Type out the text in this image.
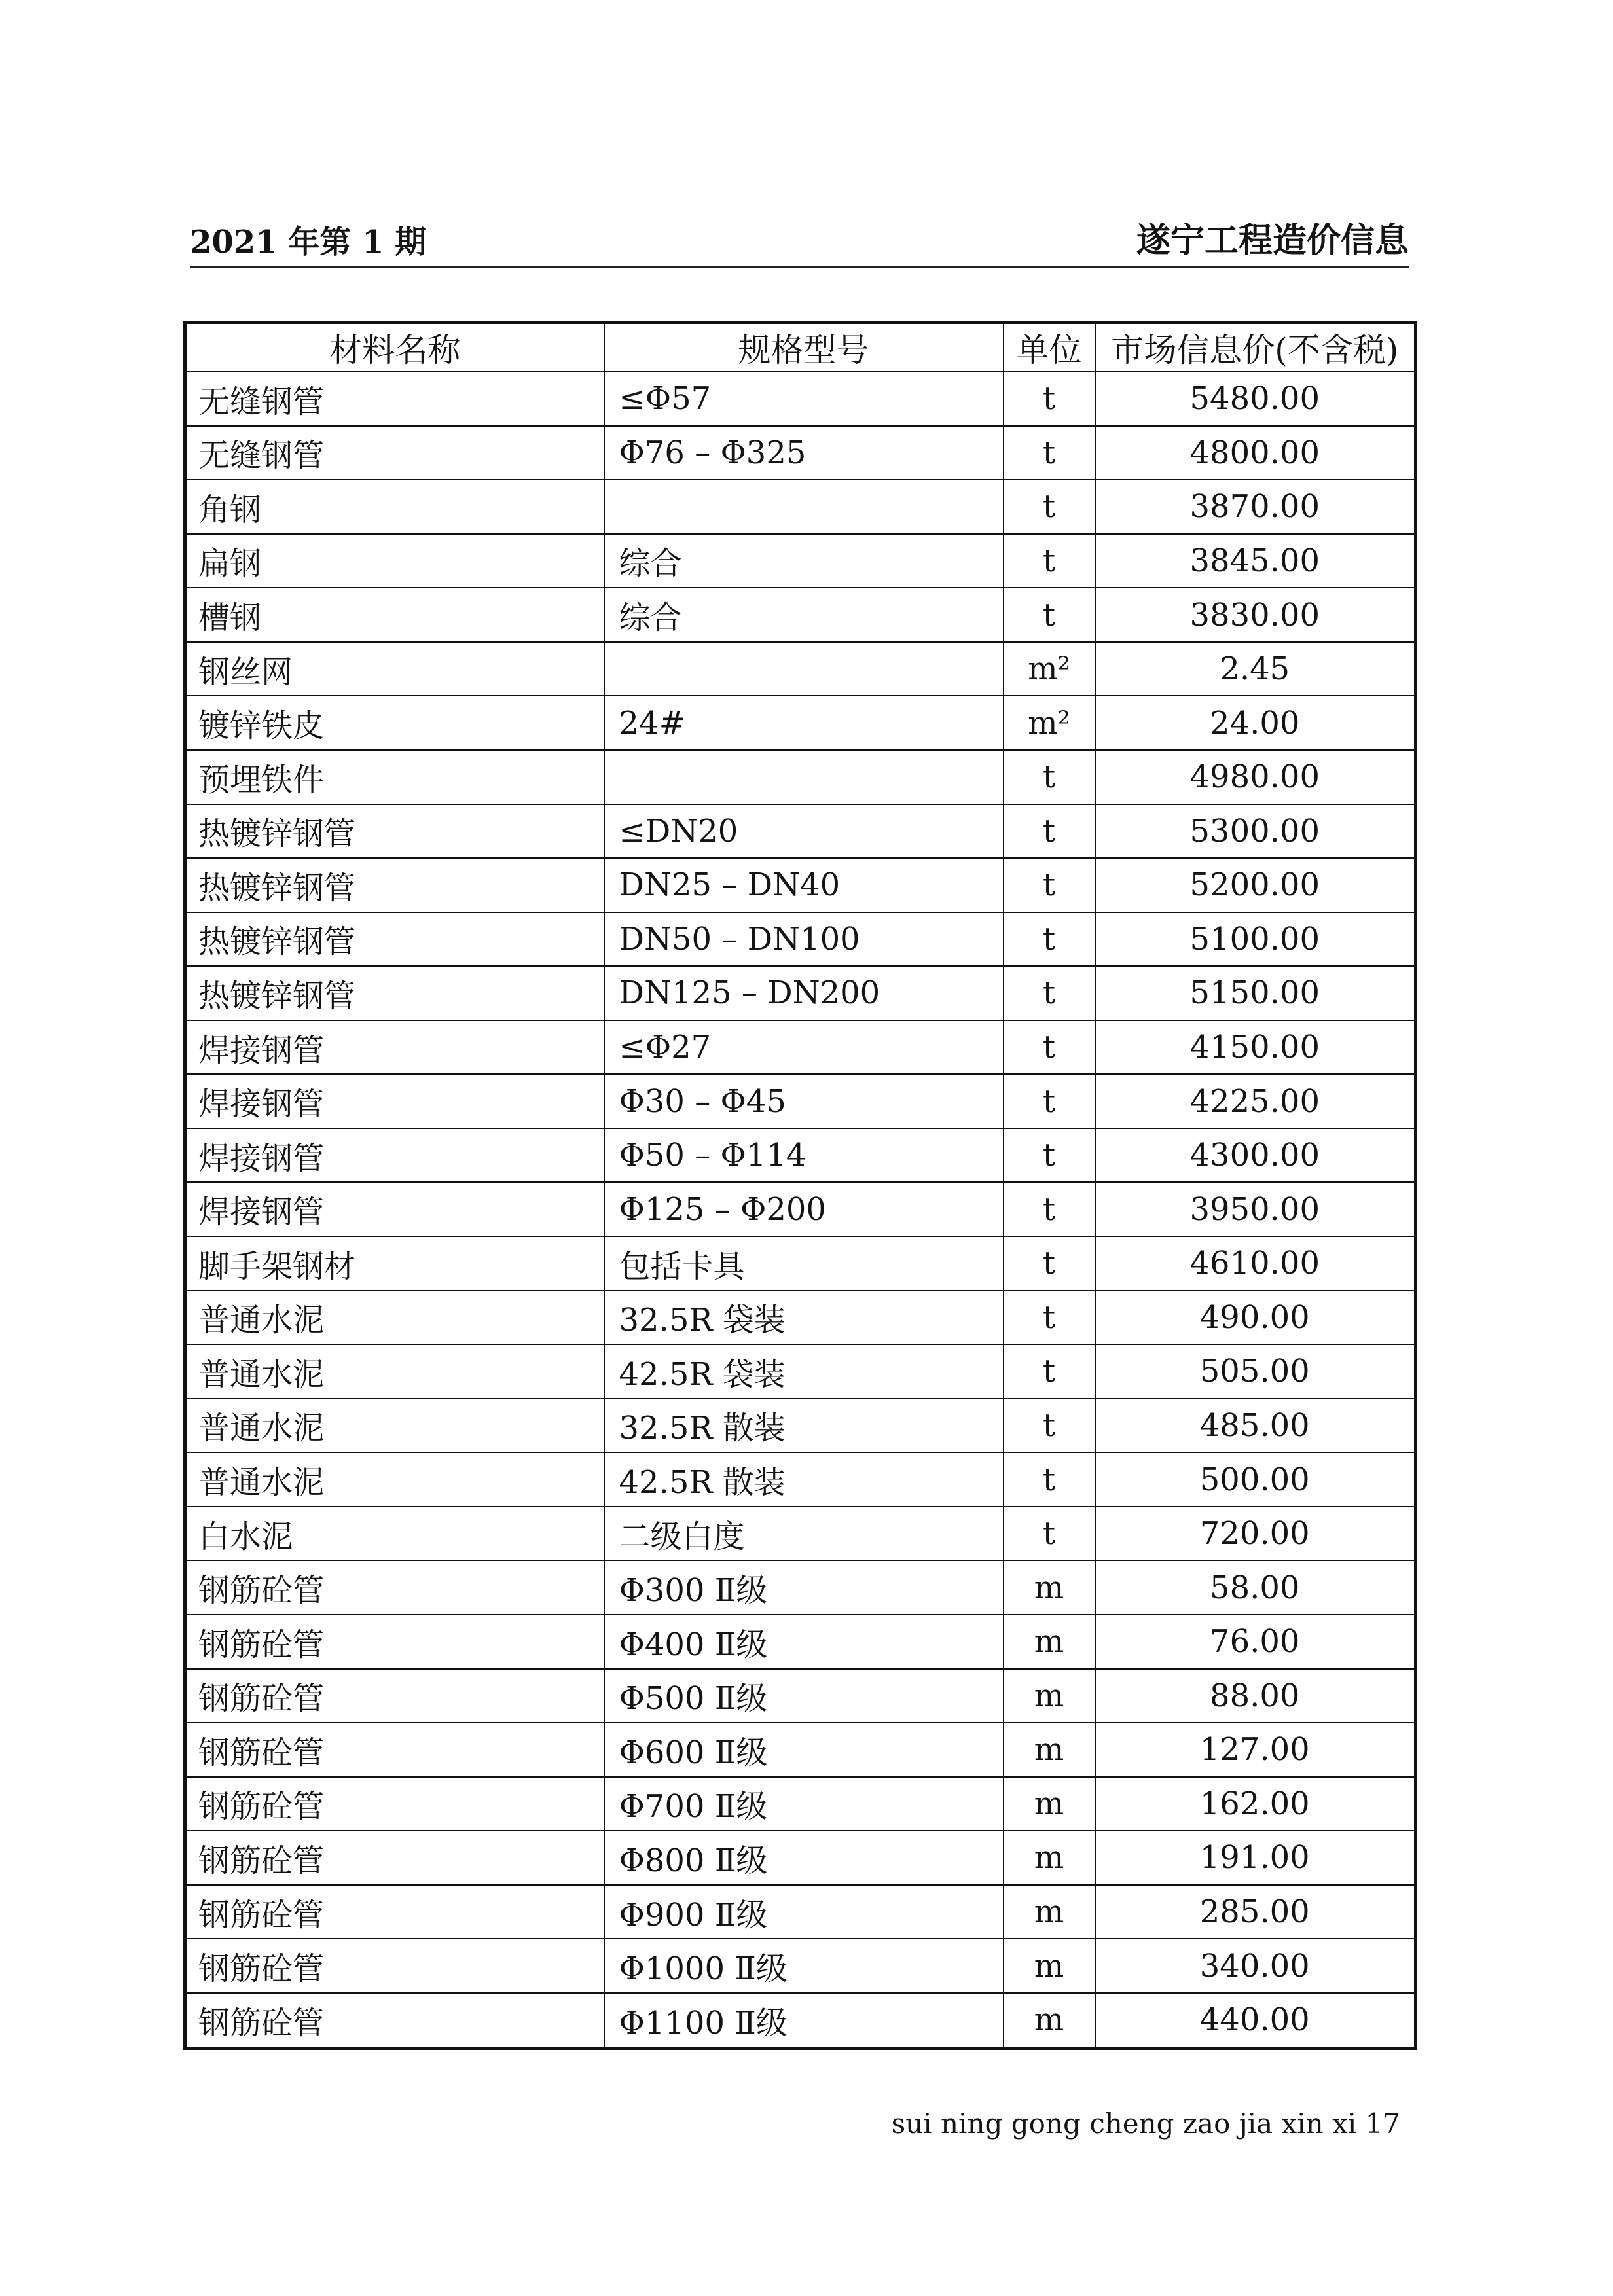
2021 年第 1 期	遂宁工程造价信息
材料名称	规格型号	单位	市场信息价(不含税)
无缝钢管	≤Φ57	t	5480.00
无缝钢管	Φ76 – Φ325	t	4800.00
角钢		t	3870.00
扁钢	综合	t	3845.00
槽钢	综合	t	3830.00
钢丝网		m²	2.45
镀锌铁皮	24#	m²	24.00
预埋铁件		t	4980.00
热镀锌钢管	≤DN20	t	5300.00
热镀锌钢管	DN25 – DN40	t	5200.00
热镀锌钢管	DN50 – DN100	t	5100.00
热镀锌钢管	DN125 – DN200	t	5150.00
焊接钢管	≤Φ27	t	4150.00
焊接钢管	Φ30 – Φ45	t	4225.00
焊接钢管	Φ50 – Φ114	t	4300.00
焊接钢管	Φ125 – Φ200	t	3950.00
脚手架钢材	包括卡具	t	4610.00
普通水泥	32.5R 袋装	t	490.00
普通水泥	42.5R 袋装	t	505.00
普通水泥	32.5R 散装	t	485.00
普通水泥	42.5R 散装	t	500.00
白水泥	二级白度	t	720.00
钢筋砼管	Φ300 Ⅱ级	m	58.00
钢筋砼管	Φ400 Ⅱ级	m	76.00
钢筋砼管	Φ500 Ⅱ级	m	88.00
钢筋砼管	Φ600 Ⅱ级	m	127.00
钢筋砼管	Φ700 Ⅱ级	m	162.00
钢筋砼管	Φ800 Ⅱ级	m	191.00
钢筋砼管	Φ900 Ⅱ级	m	285.00
钢筋砼管	Φ1000 Ⅱ级	m	340.00
钢筋砼管	Φ1100 Ⅱ级	m	440.00
sui ning gong cheng zao jia xin xi 17
